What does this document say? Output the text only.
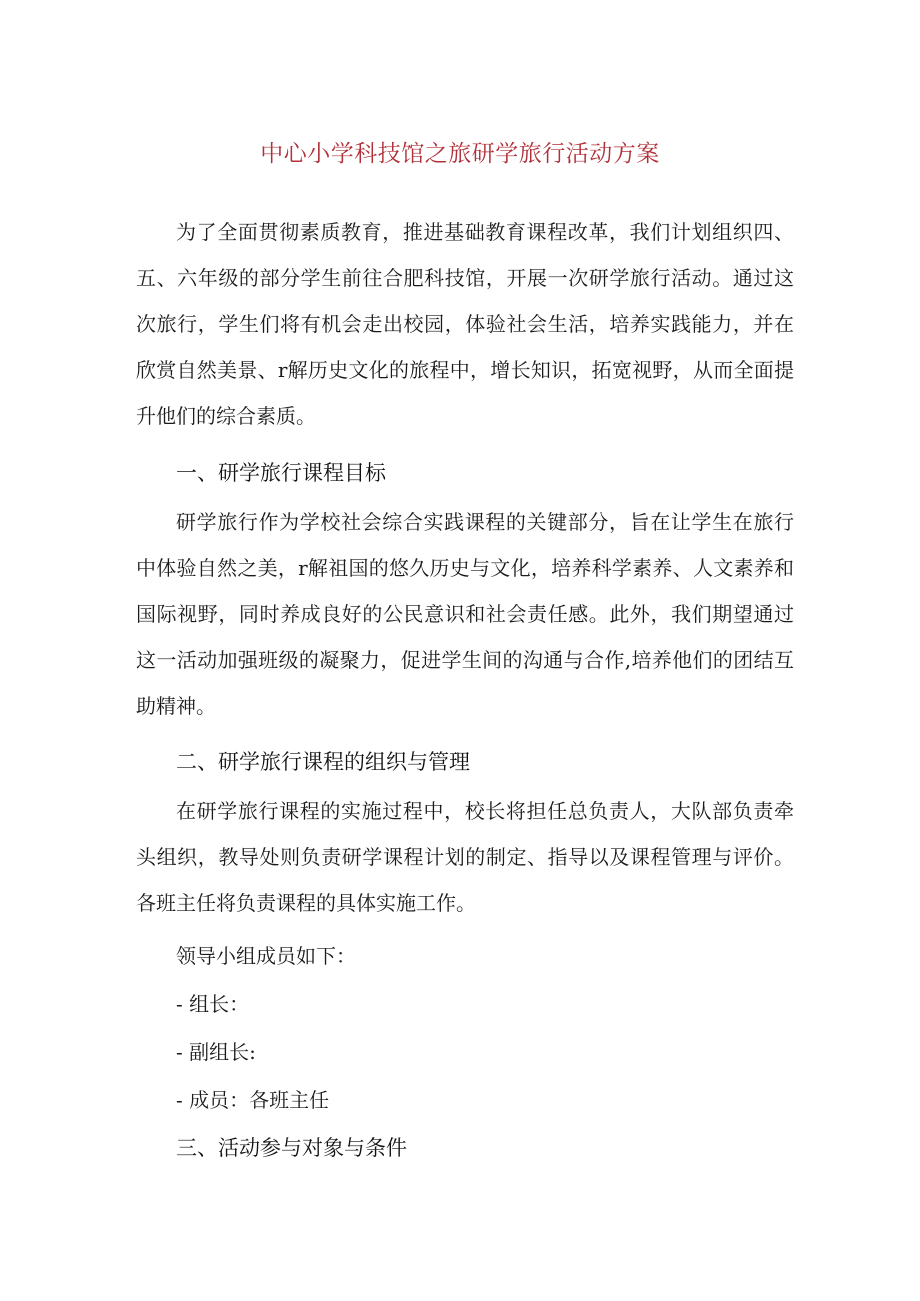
中心小学科技馆之旅研学旅行活动方案

为了全面贯彻素质教育，推进基础教育课程改革，我们计划组织四、五、六年级的部分学生前往合肥科技馆，开展一次研学旅行活动。通过这次旅行，学生们将有机会走出校园，体验社会生活，培养实践能力，并在欣赏自然美景、r解历史文化的旅程中，增长知识，拓宽视野，从而全面提升他们的综合素质。

一、研学旅行课程目标

研学旅行作为学校社会综合实践课程的关键部分，旨在让学生在旅行中体验自然之美，r解祖国的悠久历史与文化，培养科学素养、人文素养和国际视野，同时养成良好的公民意识和社会责任感。此外，我们期望通过这一活动加强班级的凝聚力，促进学生间的沟通与合作,培养他们的团结互助精神。

二、研学旅行课程的组织与管理

在研学旅行课程的实施过程中，校长将担任总负责人，大队部负责牵头组织，教导处则负责研学课程计划的制定、指导以及课程管理与评价。各班主任将负责课程的具体实施工作。

领导小组成员如下：

- 组长：

- 副组长:

- 成员：各班主任

三、活动参与对象与条件
